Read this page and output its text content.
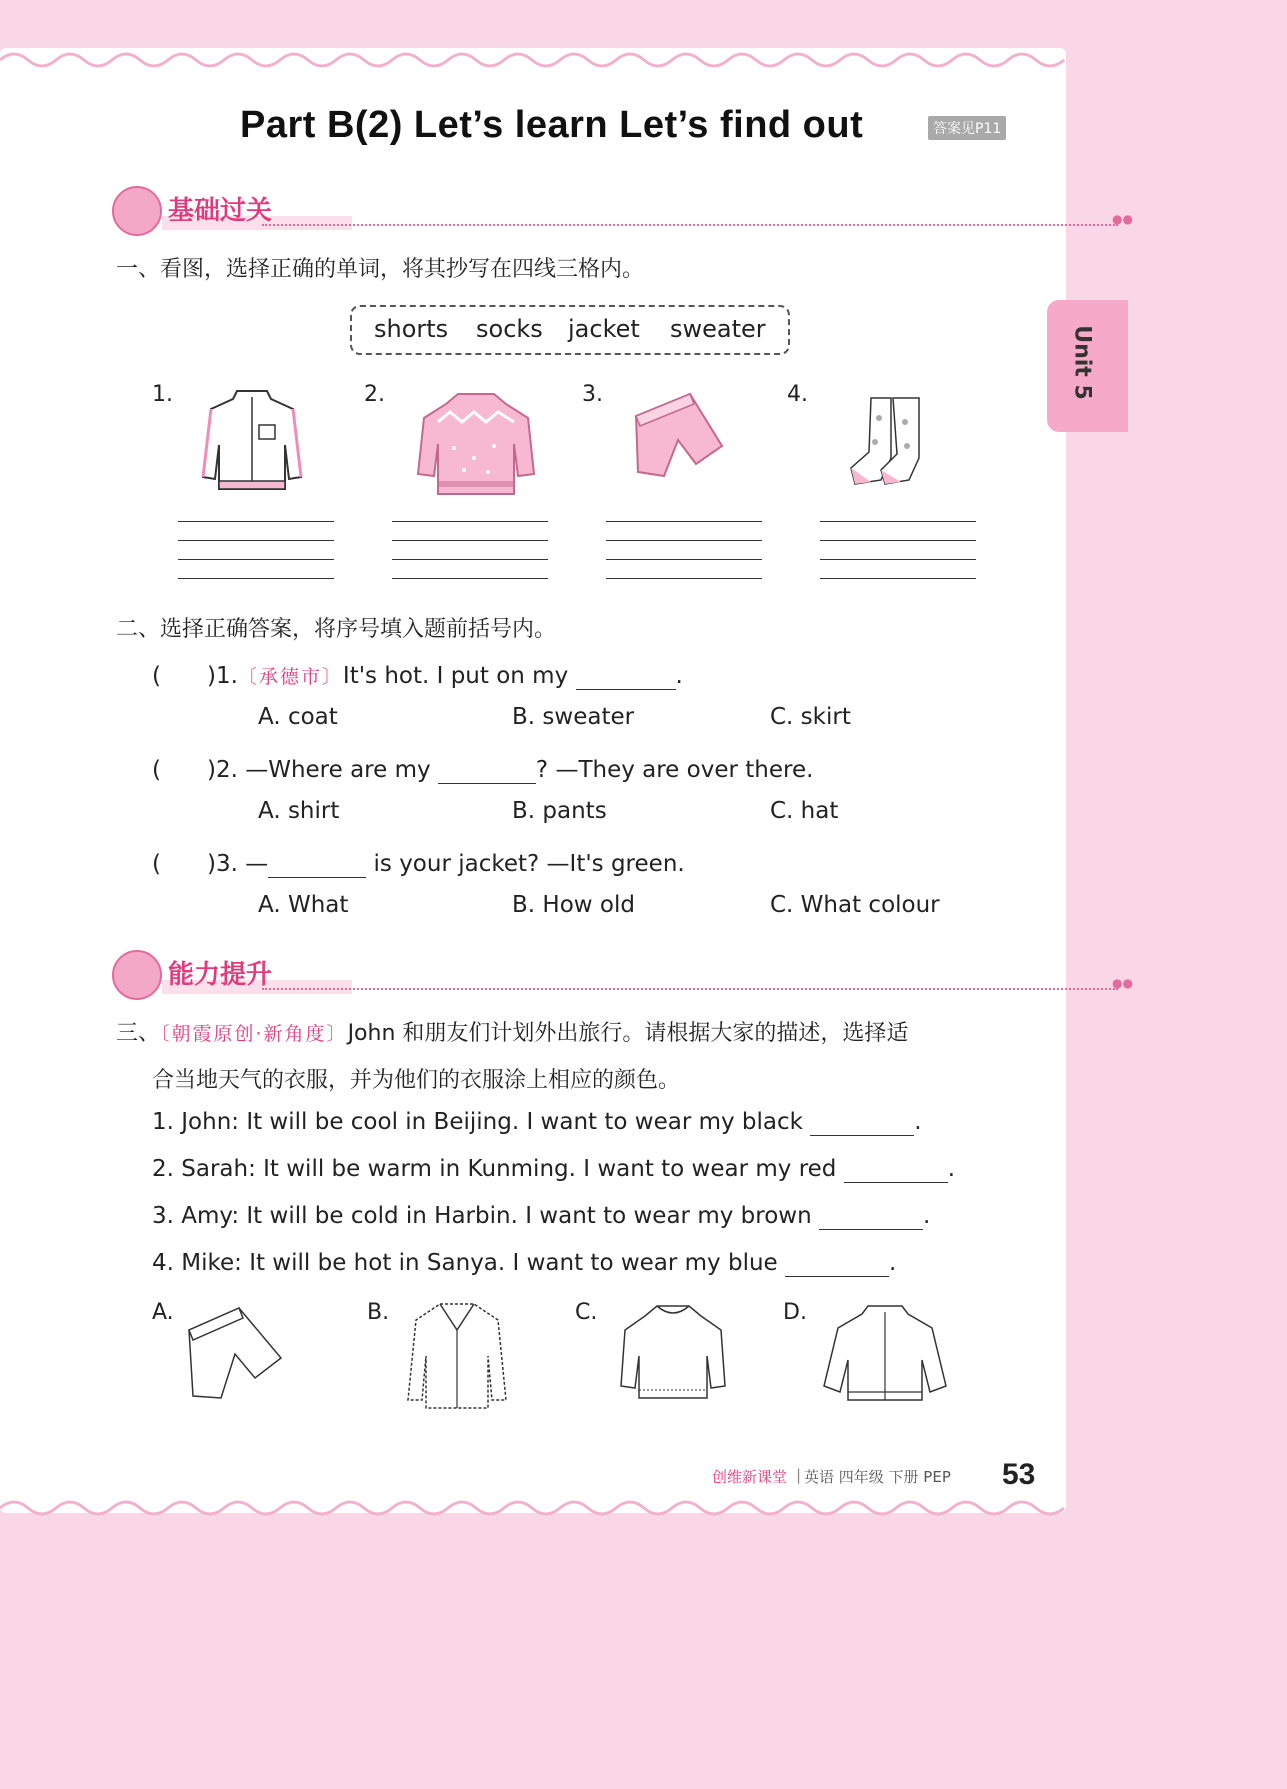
Part B(2) Let’s learn Let’s find out	答案见P11
Unit 5
基础过关	●●
一、看图，选择正确的单词，将其抄写在四线三格内。
shorts socks jacket sweater
1.	2.	3.	4.
二、选择正确答案，将序号填入题前括号内。
(　　)1.〔承德市〕It's hot. I put on my	.
A. coat	B. sweater	C. skirt
(　　)2. —Where are my	? —They are over there.
A. shirt	B. pants	C. hat
(　　)3. —	is your jacket? —It's green.
A. What	B. How old	C. What colour
能力提升	●●
三、〔朝霞原创·新角度〕John 和朋友们计划外出旅行。请根据大家的描述，选择适
合当地天气的衣服，并为他们的衣服涂上相应的颜色。
1. John: It will be cool in Beijing. I want to wear my black	.
2. Sarah: It will be warm in Kunming. I want to wear my red	.
3. Amy: It will be cold in Harbin. I want to wear my brown	.
4. Mike: It will be hot in Sanya. I want to wear my blue	.
A.	B.	C.	D.
创维新课堂 | 英语 四年级 下册 PEP 53
